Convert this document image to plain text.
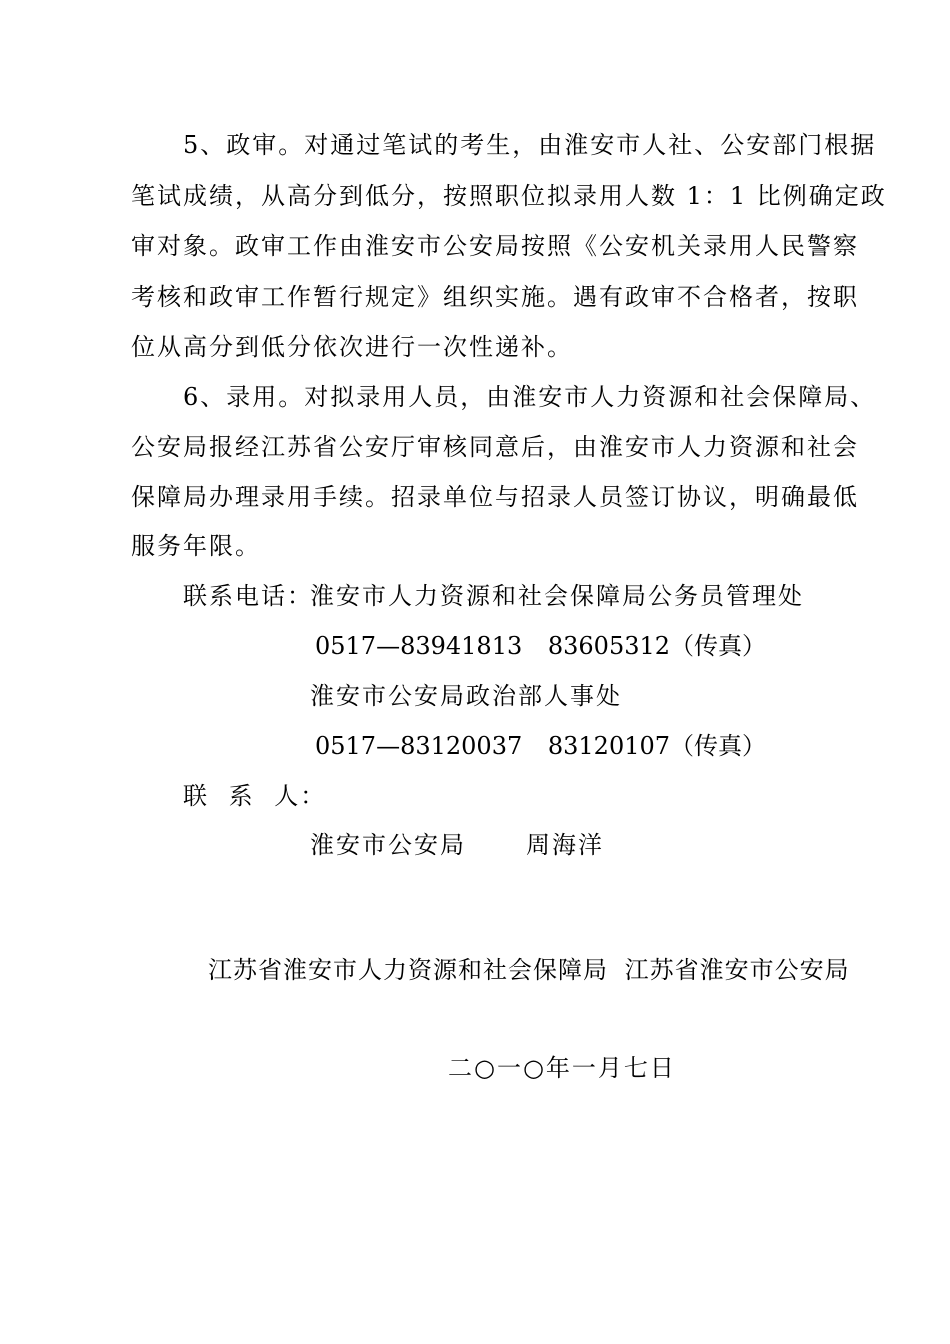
5、政审。对通过笔试的考生，由淮安市人社、公安部门根据
笔试成绩，从高分到低分，按照职位拟录用人数 1：1 比例确定政
审对象。政审工作由淮安市公安局按照《公安机关录用人民警察
考核和政审工作暂行规定》组织实施。遇有政审不合格者，按职
位从高分到低分依次进行一次性递补。
6、录用。对拟录用人员，由淮安市人力资源和社会保障局、
公安局报经江苏省公安厅审核同意后，由淮安市人力资源和社会
保障局办理录用手续。招录单位与招录人员签订协议，明确最低
服务年限。
联系电话：
淮安市人力资源和社会保障局公务员管理处
0517—83941813 83605312（传真）
淮安市公安局政治部人事处
0517—83120037 83120107（传真）
联 系 人：
淮安市公安局	周海洋
江苏省淮安市人力资源和社会保障局 江苏省淮安市公安局
二○一○年一月七日
